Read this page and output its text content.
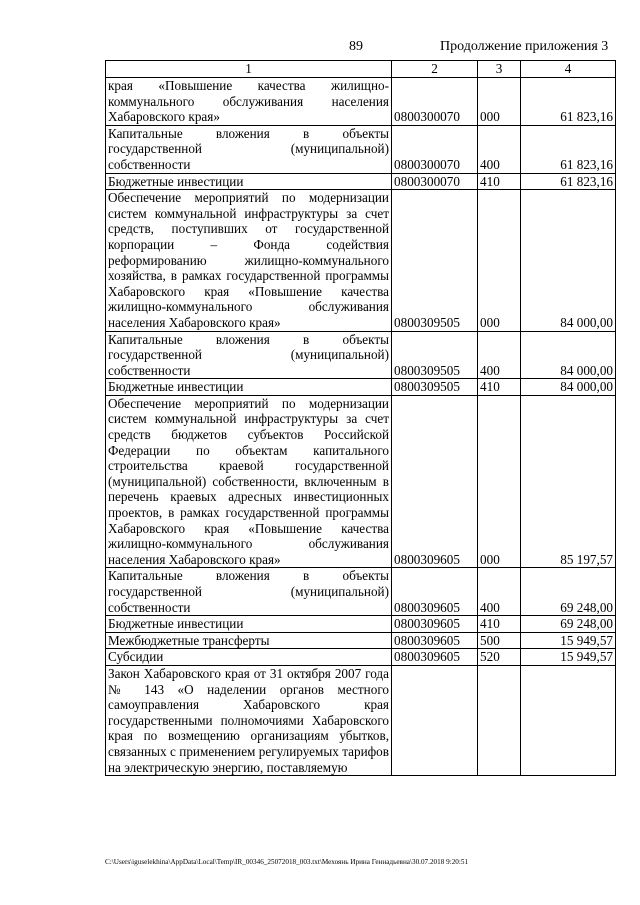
89	Продолжение приложения 3
1	2	3	4
края «Повышение качества жилищно-коммунального обслуживания населения Хабаровского края»	0800300070	000	61 823,16
Капитальные вложения в объекты государственной (муниципальной) собственности	0800300070	400	61 823,16
Бюджетные инвестиции	0800300070	410	61 823,16
Обеспечение мероприятий по модернизации систем коммунальной инфраструктуры за счет средств, поступивших от государственной корпорации – Фонда содействия реформированию жилищно-коммунального хозяйства, в рамках государственной программы Хабаровского края «Повышение качества жилищно-коммунального обслуживания населения Хабаровского края»	0800309505	000	84 000,00
Капитальные вложения в объекты государственной (муниципальной) собственности	0800309505	400	84 000,00
Бюджетные инвестиции	0800309505	410	84 000,00
Обеспечение мероприятий по модернизации систем коммунальной инфраструктуры за счет средств бюджетов субъектов Российской Федерации по объектам капитального строительства краевой государственной (муниципальной) собственности, включенным в перечень краевых адресных инвестиционных проектов, в рамках государственной программы Хабаровского края «Повышение качества жилищно-коммунального обслуживания населения Хабаровского края»	0800309605	000	85 197,57
Капитальные вложения в объекты государственной (муниципальной) собственности	0800309605	400	69 248,00
Бюджетные инвестиции	0800309605	410	69 248,00
Межбюджетные трансферты	0800309605	500	15 949,57
Субсидии	0800309605	520	15 949,57
Закон Хабаровского края от 31 октября 2007 года № 143 «О наделении органов местного самоуправления Хабаровского края государственными полномочиями Хабаровского края по возмещению организациям убытков, связанных с применением регулируемых тарифов на электрическую энергию, поставляемую			
C:\Users\iguselekhina\AppData\Local\Temp\IR_00346_25072018_003.txt\Мехоянь Ирина Геннадьевна\30.07.2018 9:20:51
